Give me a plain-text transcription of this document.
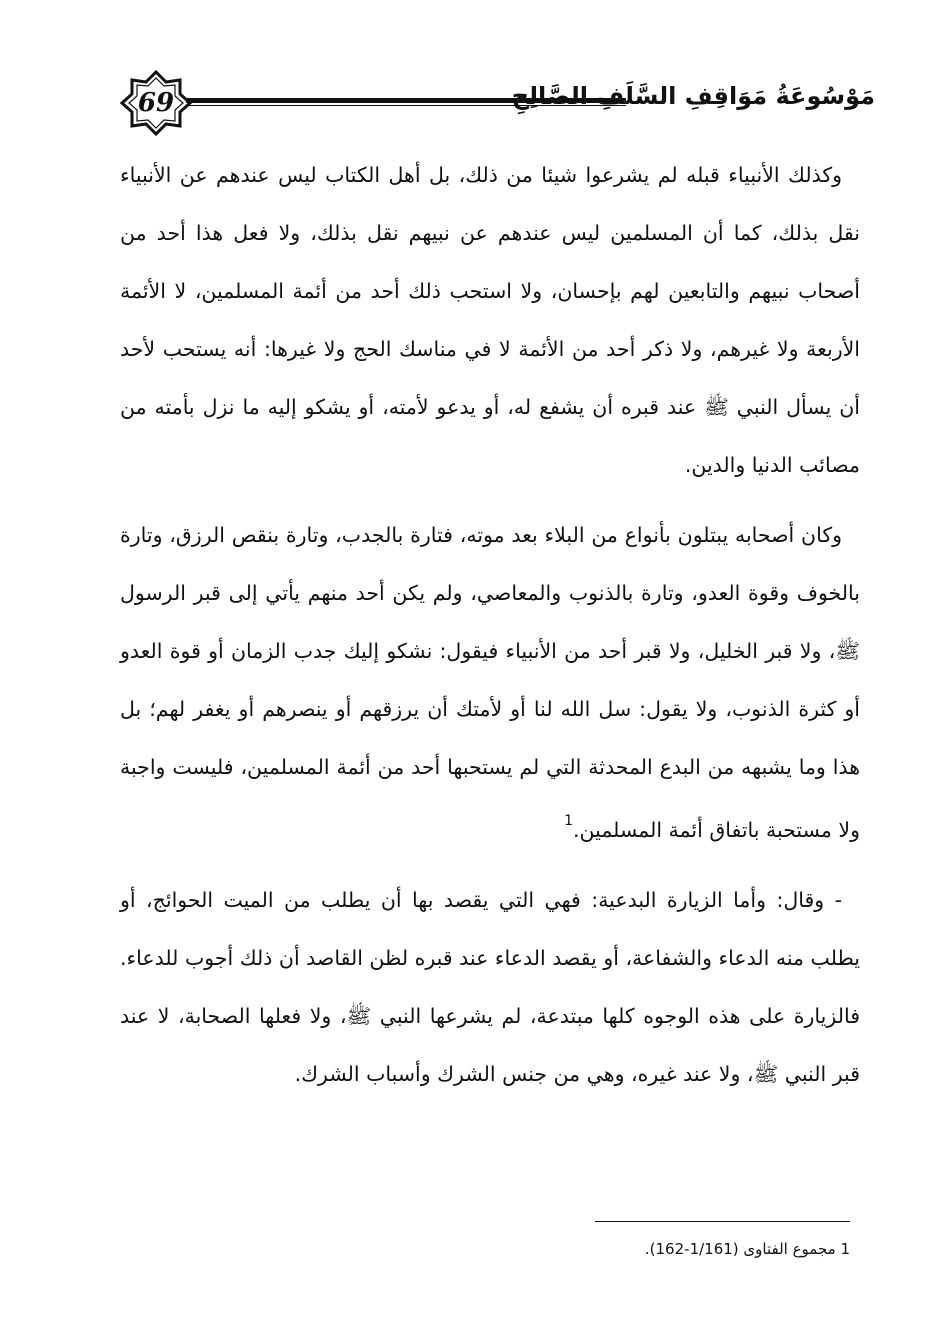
69	مَوْسُوعَةُ مَوَاقِفِ السَّلَفِ الصَّالِحِ

وكذلك الأنبياء قبله لم يشرعوا شيئا من ذلك، بل أهل الكتاب ليس عندهم عن الأنبياء نقل بذلك، كما أن المسلمين ليس عندهم عن نبيهم نقل بذلك، ولا فعل هذا أحد من أصحاب نبيهم والتابعين لهم بإحسان، ولا استحب ذلك أحد من أئمة المسلمين، لا الأئمة الأربعة ولا غيرهم، ولا ذكر أحد من الأئمة لا في مناسك الحج ولا غيرها: أنه يستحب لأحد أن يسأل النبي ﷺ عند قبره أن يشفع له، أو يدعو لأمته، أو يشكو إليه ما نزل بأمته من مصائب الدنيا والدين.

وكان أصحابه يبتلون بأنواع من البلاء بعد موته، فتارة بالجدب، وتارة بنقص الرزق، وتارة بالخوف وقوة العدو، وتارة بالذنوب والمعاصي، ولم يكن أحد منهم يأتي إلى قبر الرسول ﷺ، ولا قبر الخليل، ولا قبر أحد من الأنبياء فيقول: نشكو إليك جدب الزمان أو قوة العدو أو كثرة الذنوب، ولا يقول: سل الله لنا أو لأمتك أن يرزقهم أو ينصرهم أو يغفر لهم؛ بل هذا وما يشبهه من البدع المحدثة التي لم يستحبها أحد من أئمة المسلمين، فليست واجبة ولا مستحبة باتفاق أئمة المسلمين.$^1$

- وقال: وأما الزيارة البدعية: فهي التي يقصد بها أن يطلب من الميت الحوائج، أو يطلب منه الدعاء والشفاعة، أو يقصد الدعاء عند قبره لظن القاصد أن ذلك أجوب للدعاء. فالزيارة على هذه الوجوه كلها مبتدعة، لم يشرعها النبي ﷺ، ولا فعلها الصحابة، لا عند قبر النبي ﷺ، ولا عند غيره، وهي من جنس الشرك وأسباب الشرك.

1 مجموع الفتاوى (1/161-162).
